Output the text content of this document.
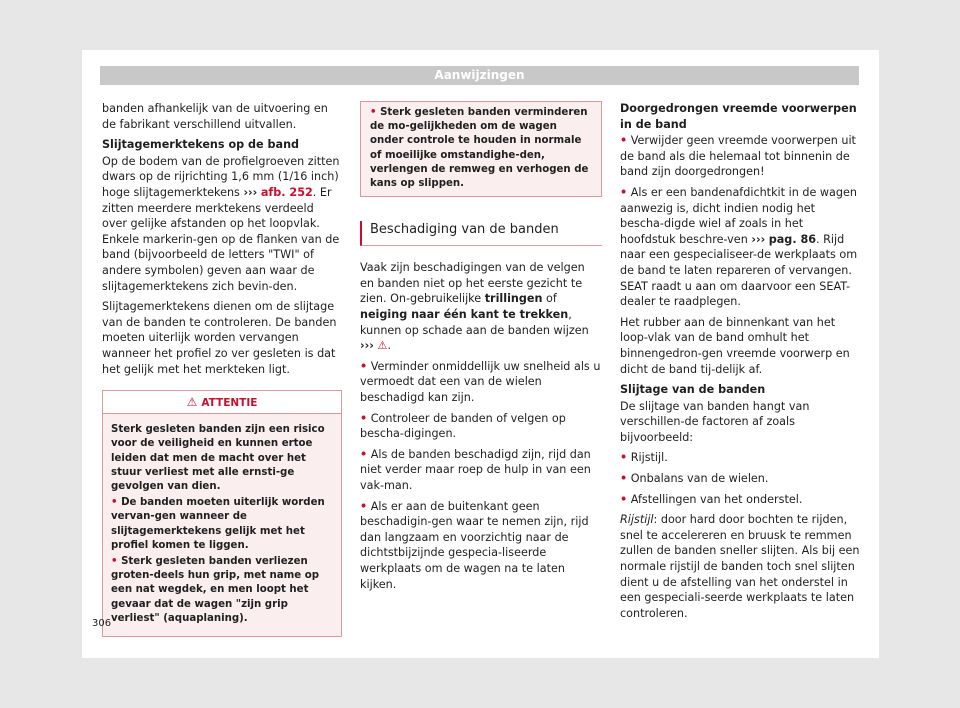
Aanwijzingen

banden afhankelijk van de uitvoering en de fabrikant verschillend uitvallen.

Slijtagemerktekens op de band

Op de bodem van de profielgroeven zitten dwars op de rijrichting 1,6 mm (1/16 inch) hoge slijtagemerktekens ››› afb. 252. Er zitten meerdere merktekens verdeeld over gelijke afstanden op het loopvlak. Enkele markerin-gen op de flanken van de band (bijvoorbeeld de letters "TWI" of andere symbolen) geven aan waar de slijtagemerktekens zich bevin-den.

Slijtagemerktekens dienen om de slijtage van de banden te controleren. De banden moeten uiterlijk worden vervangen wanneer het profiel zo ver gesleten is dat het gelijk met het merkteken ligt.

⚠ ATTENTIE

Sterk gesleten banden zijn een risico voor de veiligheid en kunnen ertoe leiden dat men de macht over het stuur verliest met alle ernsti-ge gevolgen van dien.

• De banden moeten uiterlijk worden vervan-gen wanneer de slijtagemerktekens gelijk met het profiel komen te liggen.

• Sterk gesleten banden verliezen groten-deels hun grip, met name op een nat wegdek, en men loopt het gevaar dat de wagen "zijn grip verliest" (aquaplaning).

• Sterk gesleten banden verminderen de mo-gelijkheden om de wagen onder controle te houden in normale of moeilijke omstandighe-den, verlengen de remweg en verhogen de kans op slippen.
Beschadiging van de banden

Vaak zijn beschadigingen van de velgen en banden niet op het eerste gezicht te zien. On-gebruikelijke trillingen of neiging naar één kant te trekken, kunnen op schade aan de banden wijzen ››› ⚠.

• Verminder onmiddellijk uw snelheid als u vermoedt dat een van de wielen beschadigd kan zijn.

• Controleer de banden of velgen op bescha-digingen.

• Als de banden beschadigd zijn, rijd dan niet verder maar roep de hulp in van een vak-man.

• Als er aan de buitenkant geen beschadigin-gen waar te nemen zijn, rijd dan langzaam en voorzichtig naar de dichtstbijzijnde gespecia-liseerde werkplaats om de wagen na te laten kijken.

Doorgedrongen vreemde voorwerpen in de band

• Verwijder geen vreemde voorwerpen uit de band als die helemaal tot binnenin de band zijn doorgedrongen!

• Als er een bandenafdichtkit in de wagen aanwezig is, dicht indien nodig het bescha-digde wiel af zoals in het hoofdstuk beschre-ven ››› pag. 86. Rijd naar een gespecialiseer-de werkplaats om de band te laten repareren of vervangen. SEAT raadt u aan om daarvoor een SEAT-dealer te raadplegen.

Het rubber aan de binnenkant van het loop-vlak van de band omhult het binnengedron-gen vreemde voorwerp en dicht de band tij-delijk af.

Slijtage van de banden

De slijtage van banden hangt van verschillen-de factoren af zoals bijvoorbeeld:

• Rijstijl.

• Onbalans van de wielen.

• Afstellingen van het onderstel.

Rijstijl: door hard door bochten te rijden, snel te accelereren en bruusk te remmen zullen de banden sneller slijten. Als bij een normale rijstijl de banden toch snel slijten dient u de afstelling van het onderstel in een gespeciali-seerde werkplaats te laten controleren.

306
